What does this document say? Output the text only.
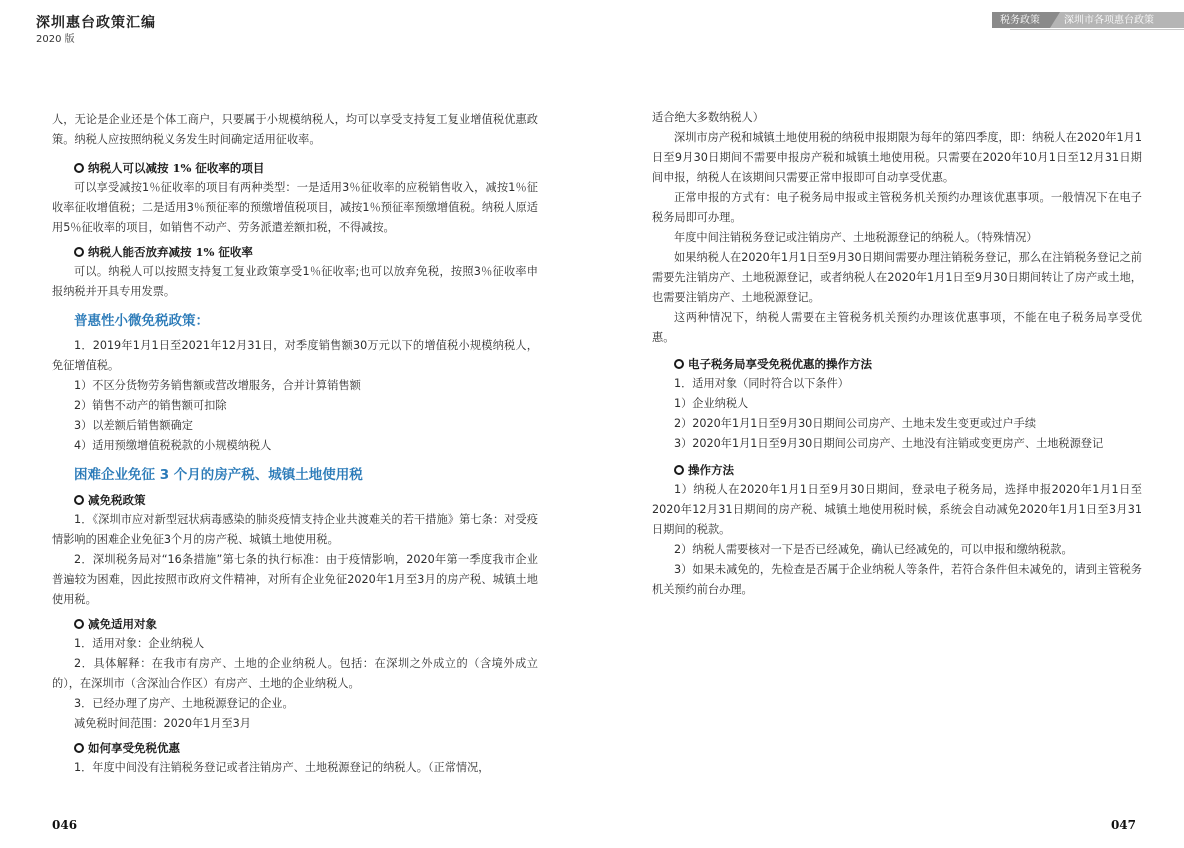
深圳惠台政策汇编
2020 版
税务政策	深圳市各项惠台政策

人，无论是企业还是个体工商户，只要属于小规模纳税人，均可以享受支持复工复业增值税优惠政策。纳税人应按照纳税义务发生时间确定适用征收率。

纳税人可以减按 1% 征收率的项目

可以享受减按1％征收率的项目有两种类型：一是适用3％征收率的应税销售收入，减按1％征收率征收增值税；二是适用3％预征率的预缴增值税项目，减按1％预征率预缴增值税。纳税人原适用5％征收率的项目，如销售不动产、劳务派遣差额扣税，不得减按。

纳税人能否放弃减按 1% 征收率

可以。纳税人可以按照支持复工复业政策享受1％征收率;也可以放弃免税，按照3％征收率申报纳税并开具专用发票。

普惠性小微免税政策：

1．2019年1月1日至2021年12月31日，对季度销售额30万元以下的增值税小规模纳税人，免征增值税。

1）不区分货物劳务销售额或营改增服务，合并计算销售额

2）销售不动产的销售额可扣除

3）以差额后销售额确定

4）适用预缴增值税税款的小规模纳税人

困难企业免征 3 个月的房产税、城镇土地使用税

减免税政策

1．《深圳市应对新型冠状病毒感染的肺炎疫情支持企业共渡难关的若干措施》第七条：对受疫情影响的困难企业免征3个月的房产税、城镇土地使用税。

2．深圳税务局对“16条措施”第七条的执行标准：由于疫情影响，2020年第一季度我市企业普遍较为困难，因此按照市政府文件精神，对所有企业免征2020年1月至3月的房产税、城镇土地使用税。

减免适用对象

1．适用对象：企业纳税人

2．具体解释：在我市有房产、土地的企业纳税人。包括：在深圳之外成立的（含境外成立的），在深圳市（含深汕合作区）有房产、土地的企业纳税人。

3．已经办理了房产、土地税源登记的企业。

减免税时间范围：2020年1月至3月

如何享受免税优惠

1．年度中间没有注销税务登记或者注销房产、土地税源登记的纳税人。（正常情况，

适合绝大多数纳税人）

深圳市房产税和城镇土地使用税的纳税申报期限为每年的第四季度，即：纳税人在2020年1月1日至9月30日期间不需要申报房产税和城镇土地使用税。只需要在2020年10月1日至12月31日期间申报，纳税人在该期间只需要正常申报即可自动享受优惠。

正常申报的方式有：电子税务局申报或主管税务机关预约办理该优惠事项。一般情况下在电子税务局即可办理。

年度中间注销税务登记或注销房产、土地税源登记的纳税人。（特殊情况）

如果纳税人在2020年1月1日至9月30日期间需要办理注销税务登记，那么在注销税务登记之前需要先注销房产、土地税源登记，或者纳税人在2020年1月1日至9月30日期间转让了房产或土地，也需要注销房产、土地税源登记。

这两种情况下，纳税人需要在主管税务机关预约办理该优惠事项，不能在电子税务局享受优惠。

电子税务局享受免税优惠的操作方法

1．适用对象（同时符合以下条件）

1）企业纳税人

2）2020年1月1日至9月30日期间公司房产、土地未发生变更或过户手续

3）2020年1月1日至9月30日期间公司房产、土地没有注销或变更房产、土地税源登记

操作方法

1）纳税人在2020年1月1日至9月30日期间，登录电子税务局，选择申报2020年1月1日至2020年12月31日期间的房产税、城镇土地使用税时候，系统会自动减免2020年1月1日至3月31日期间的税款。

2）纳税人需要核对一下是否已经减免，确认已经减免的，可以申报和缴纳税款。

3）如果未减免的，先检查是否属于企业纳税人等条件，若符合条件但未减免的，请到主管税务机关预约前台办理。

046	047
